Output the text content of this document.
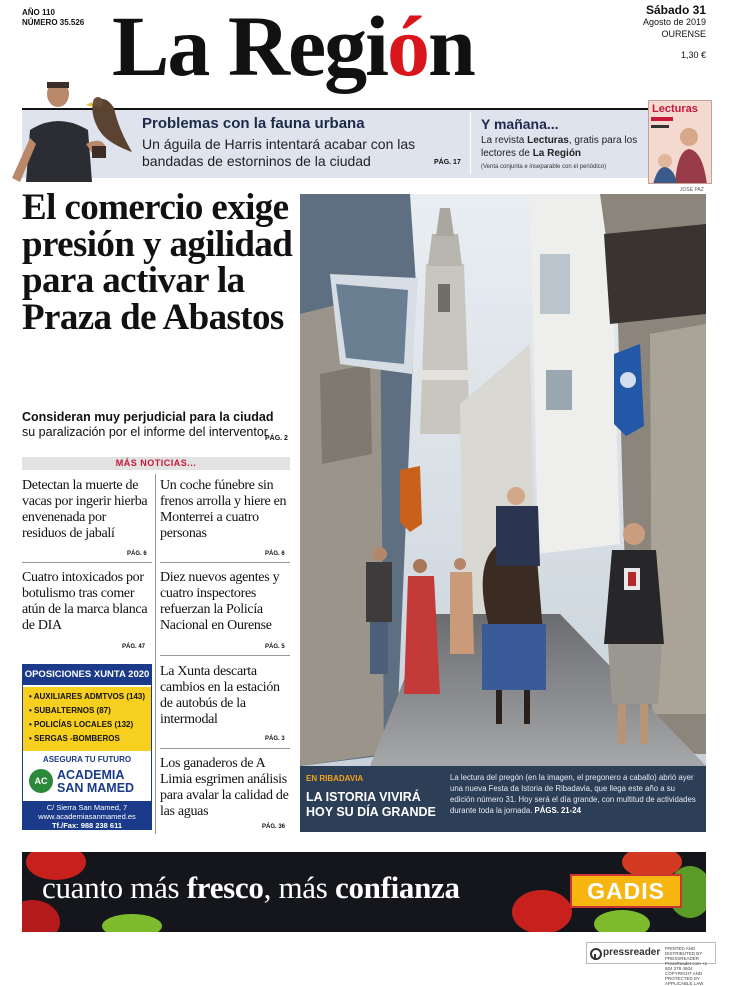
AÑO 110
NÚMERO 35.526 La Región	Sábado 31
Agosto de 2019
OURENSE
1,30 €
Problemas con la fauna urbana
Un águila de Harris intentará acabar con las bandadas de estorninos de la ciudad	PÁG. 17
Y mañana...
La revista Lecturas, gratis para los lectores de La Región
(Venta conjunta e inseparable con el periódico)
Lecturas
JOSÉ PAZ
El comercio exige presión y agilidad para activar la Praza de Abastos
Consideran muy perjudicial para la ciudad
su paralización por el informe del interventor
PÁG. 2
MÁS NOTICIAS...
Detectan la muerte de vacas por ingerir hierba envenenada por residuos de jabalí
PÁG. 6
Un coche fúnebre sin frenos arrolla y hiere en Monterrei a cuatro personas
PÁG. 6
Cuatro intoxicados por botulismo tras comer atún de la marca blanca de DIA
PÁG. 47
Diez nuevos agentes y cuatro inspectores refuerzan la Policía Nacional en Ourense
PÁG. 5
La Xunta descarta cambios en la estación de autobús de la intermodal
PÁG. 3
Los ganaderos de A Limia esgrimen análisis para avalar la calidad de las aguas
PÁG. 36
OPOSICIONES XUNTA 2020
• AUXILIARES ADMTVOS (143)
• SUBALTERNOS (87)
• POLICÍAS LOCALES (132)
• SERGAS -BOMBEROS
ASEGURA TU FUTURO
AC ACADEMIA
SAN MAMED
C/ Sierra San Mamed, 7
www.academiasanmamed.es
Tf./Fax: 988 238 611
EN RIBADAVIA
LA ISTORIA VIVIRÁ HOY SU DÍA GRANDE
La lectura del pregón (en la imagen, el pregonero a caballo) abrió ayer una nueva Festa da Istoria de Ribadavia, que llega este año a su edición número 31. Hoy será el día grande, con multitud de actividades durante toda la jornada. PÁGS. 21-24
cuanto más fresco, más confianza	GADIS
pressreader PRINTED AND DISTRIBUTED BY PRESSREADER PressReader.com +1 604 278 4604 COPYRIGHT AND PROTECTED BY APPLICABLE LAW
